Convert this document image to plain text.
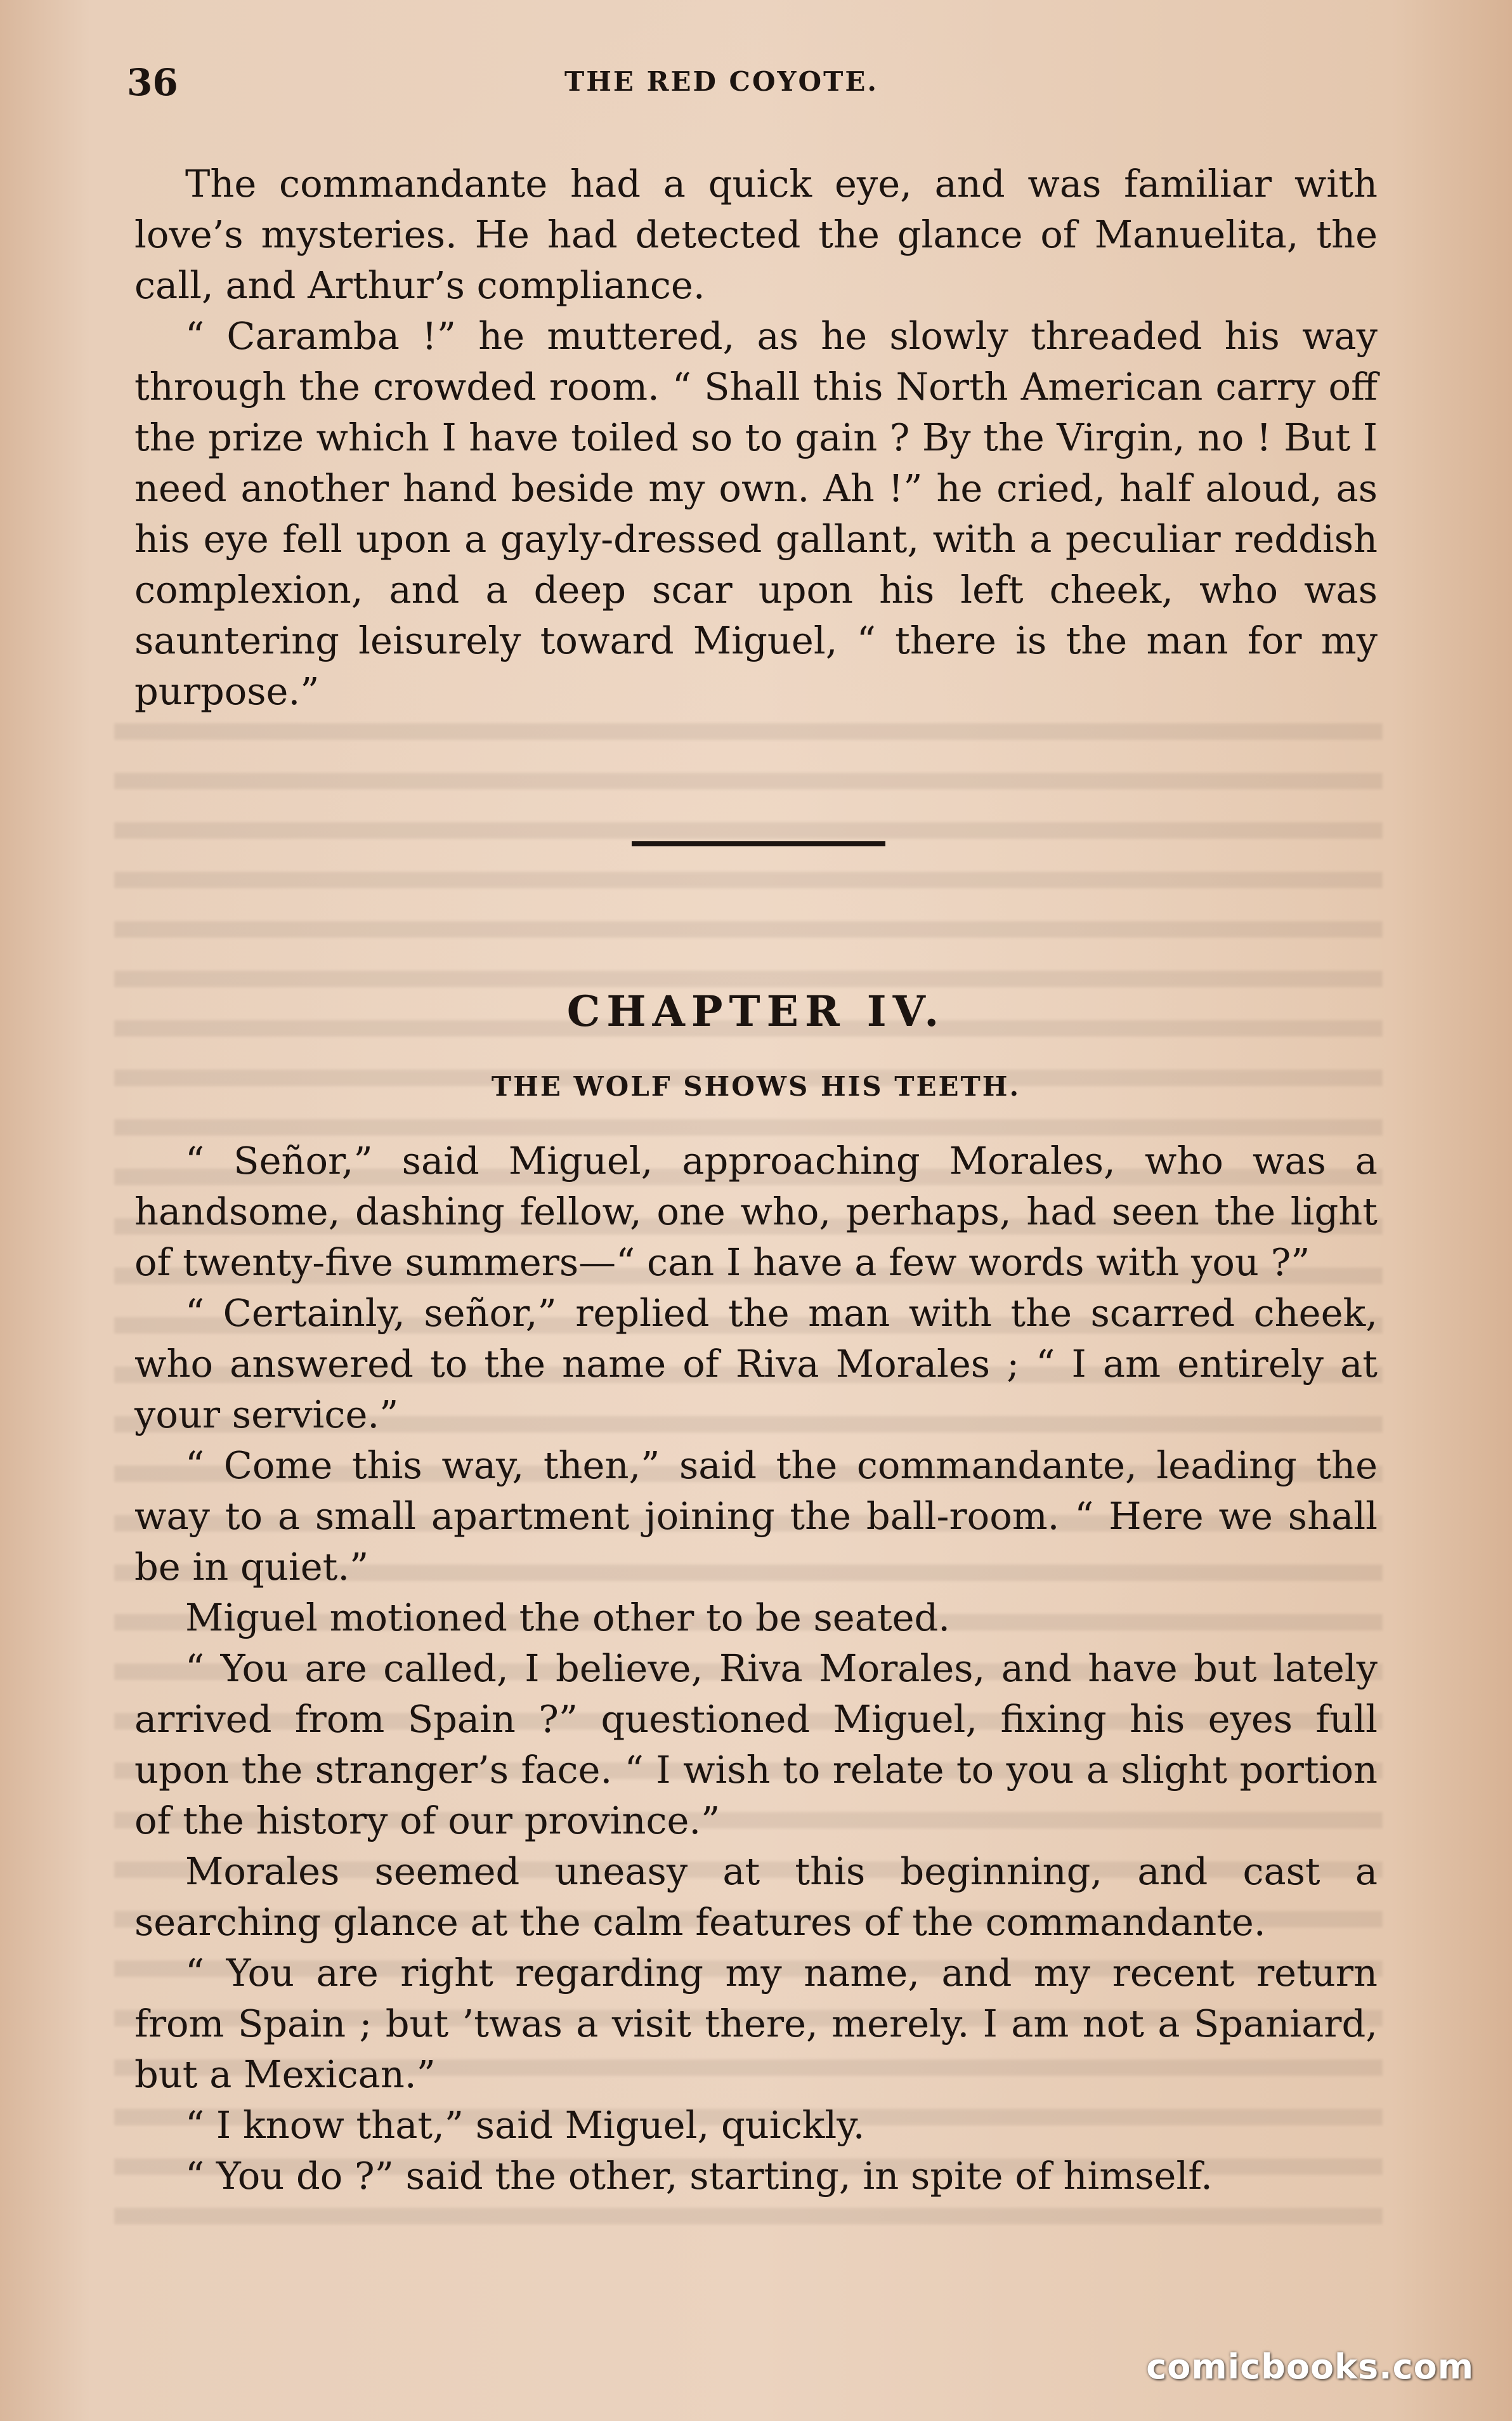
36	THE RED COYOTE.

The commandante had a quick eye, and was familiar with love’s mysteries. He had detected the glance of Manuelita, the call, and Arthur’s compliance.

“ Caramba !” he muttered, as he slowly threaded his way through the crowded room. “ Shall this North American carry off the prize which I have toiled so to gain ? By the Virgin, no ! But I need another hand beside my own. Ah !” he cried, half aloud, as his eye fell upon a gayly-dressed gallant, with a peculiar reddish complexion, and a deep scar upon his left cheek, who was sauntering leisurely toward Miguel, “ there is the man for my purpose.”

CHAPTER IV.
THE WOLF SHOWS HIS TEETH.

“ Señor,” said Miguel, approaching Morales, who was a handsome, dashing fellow, one who, perhaps, had seen the light of twenty-five summers—“ can I have a few words with you ?”

“ Certainly, señor,” replied the man with the scarred cheek, who answered to the name of Riva Morales ; “ I am entirely at your service.”

“ Come this way, then,” said the commandante, leading the way to a small apartment joining the ball-room. “ Here we shall be in quiet.”

Miguel motioned the other to be seated.

“ You are called, I believe, Riva Morales, and have but lately arrived from Spain ?” questioned Miguel, fixing his eyes full upon the stranger’s face. “ I wish to relate to you a slight portion of the history of our province.”

Morales seemed uneasy at this beginning, and cast a searching glance at the calm features of the commandante.

“ You are right regarding my name, and my recent return from Spain ; but ’twas a visit there, merely. I am not a Spaniard, but a Mexican.”

“ I know that,” said Miguel, quickly.

“ You do ?” said the other, starting, in spite of himself.

comicbooks.com
